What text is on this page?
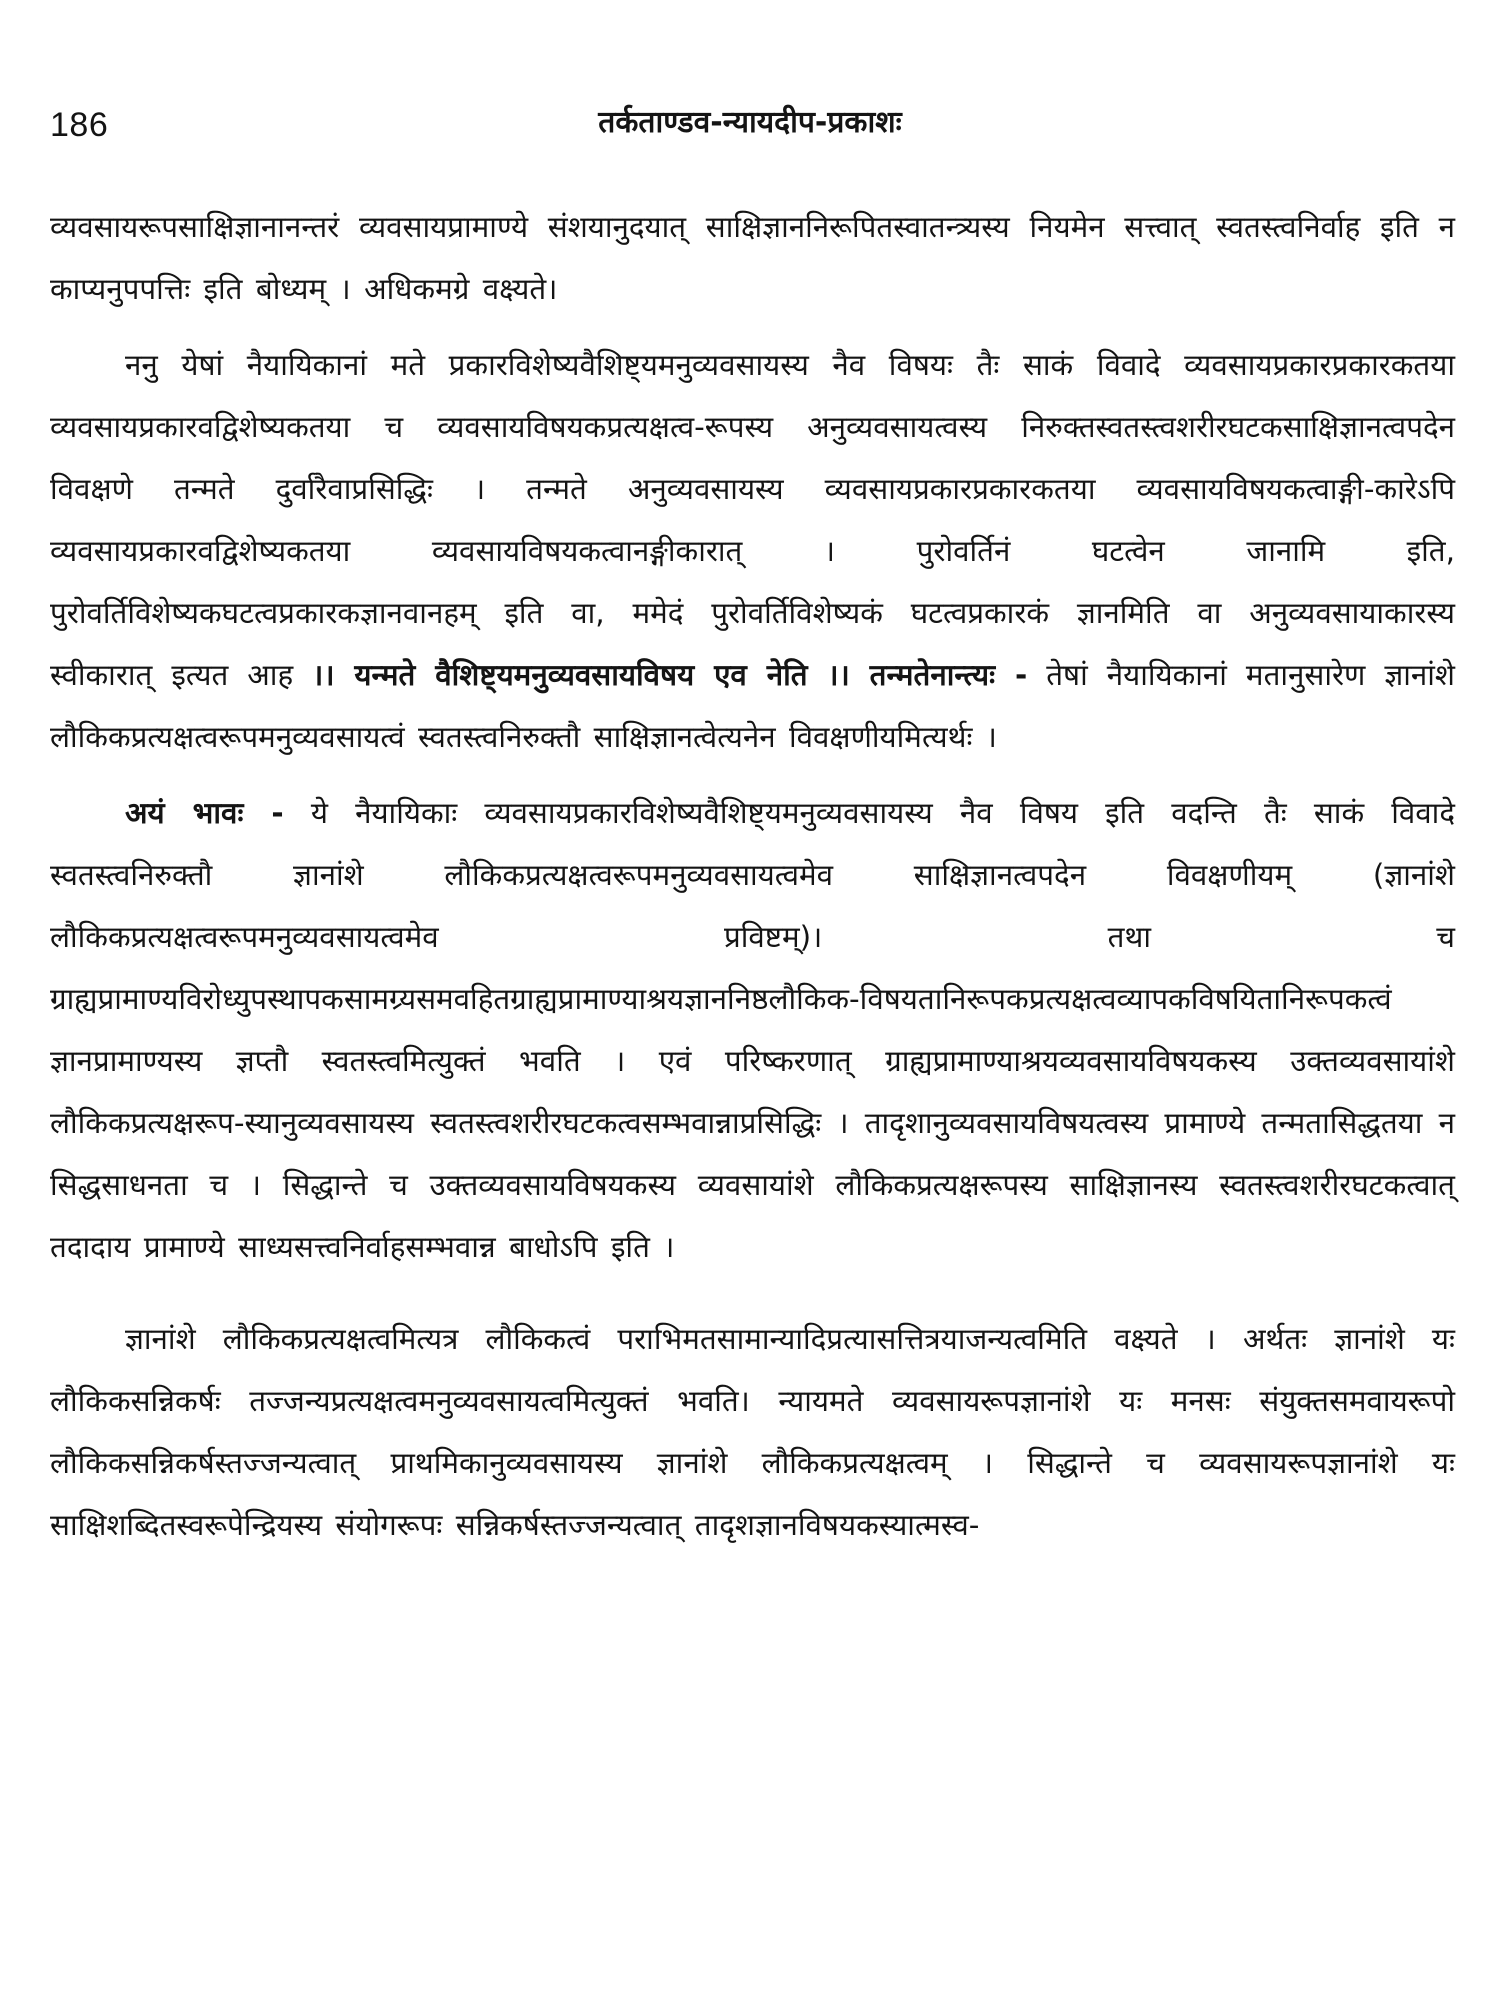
186	तर्कताण्डव-न्यायदीप-प्रकाशः

व्यवसायरूपसाक्षिज्ञानानन्तरं व्यवसायप्रामाण्ये संशयानुदयात् साक्षिज्ञाननिरूपितस्वातन्त्र्यस्य नियमेन सत्त्वात् स्वतस्त्वनिर्वाह इति न काप्यनुपपत्तिः इति बोध्यम् । अधिकमग्रे वक्ष्यते।

ननु येषां नैयायिकानां मते प्रकारविशेष्यवैशिष्ट्यमनुव्यवसायस्य नैव विषयः तैः साकं विवादे व्यवसायप्रकारप्रकारकतया व्यवसायप्रकारवद्विशेष्यकतया च व्यवसायविषयकप्रत्यक्षत्व-रूपस्य अनुव्यवसायत्वस्य निरुक्तस्वतस्त्वशरीरघटकसाक्षिज्ञानत्वपदेन विवक्षणे तन्मते दुर्वारैवाप्रसिद्धिः । तन्मते अनुव्यवसायस्य व्यवसायप्रकारप्रकारकतया व्यवसायविषयकत्वाङ्गी-कारेऽपि व्यवसायप्रकारवद्विशेष्यकतया व्यवसायविषयकत्वानङ्गीकारात् । पुरोवर्तिनं घटत्वेन जानामि इति, पुरोवर्तिविशेष्यकघटत्वप्रकारकज्ञानवानहम् इति वा, ममेदं पुरोवर्तिविशेष्यकं घटत्वप्रकारकं ज्ञानमिति वा अनुव्यवसायाकारस्य स्वीकारात् इत्यत आह ।। यन्मते वैशिष्ट्यमनुव्यवसायविषय एव नेति ।। तन्मतेनान्त्यः - तेषां नैयायिकानां मतानुसारेण ज्ञानांशे लौकिकप्रत्यक्षत्वरूपमनुव्यवसायत्वं स्वतस्त्वनिरुक्तौ साक्षिज्ञानत्वेत्यनेन विवक्षणीयमित्यर्थः ।

अयं भावः - ये नैयायिकाः व्यवसायप्रकारविशेष्यवैशिष्ट्यमनुव्यवसायस्य नैव विषय इति वदन्ति तैः साकं विवादे स्वतस्त्वनिरुक्तौ ज्ञानांशे लौकिकप्रत्यक्षत्वरूपमनुव्यवसायत्वमेव साक्षिज्ञानत्वपदेन विवक्षणीयम् (ज्ञानांशे लौकिकप्रत्यक्षत्वरूपमनुव्यवसायत्वमेव प्रविष्टम्)। तथा च ग्राह्यप्रामाण्यविरोध्युपस्थापकसामग्र्यसमवहितग्राह्यप्रामाण्याश्रयज्ञाननिष्ठलौकिक-विषयतानिरूपकप्रत्यक्षत्वव्यापकविषयितानिरूपकत्वं ज्ञानप्रामाण्यस्य ज्ञप्तौ स्वतस्त्वमित्युक्तं भवति । एवं परिष्करणात् ग्राह्यप्रामाण्याश्रयव्यवसायविषयकस्य उक्तव्यवसायांशे लौकिकप्रत्यक्षरूप-स्यानुव्यवसायस्य स्वतस्त्वशरीरघटकत्वसम्भवान्नाप्रसिद्धिः । तादृशानुव्यवसायविषयत्वस्य प्रामाण्ये तन्मतासिद्धतया न सिद्धसाधनता च । सिद्धान्ते च उक्तव्यवसायविषयकस्य व्यवसायांशे लौकिकप्रत्यक्षरूपस्य साक्षिज्ञानस्य स्वतस्त्वशरीरघटकत्वात् तदादाय प्रामाण्ये साध्यसत्त्वनिर्वाहसम्भवान्न बाधोऽपि इति ।

ज्ञानांशे लौकिकप्रत्यक्षत्वमित्यत्र लौकिकत्वं पराभिमतसामान्यादिप्रत्यासत्तित्रयाजन्यत्वमिति वक्ष्यते । अर्थतः ज्ञानांशे यः लौकिकसन्निकर्षः तज्जन्यप्रत्यक्षत्वमनुव्यवसायत्वमित्युक्तं भवति। न्यायमते व्यवसायरूपज्ञानांशे यः मनसः संयुक्तसमवायरूपो लौकिकसन्निकर्षस्तज्जन्यत्वात् प्राथमिकानुव्यवसायस्य ज्ञानांशे लौकिकप्रत्यक्षत्वम् । सिद्धान्ते च व्यवसायरूपज्ञानांशे यः साक्षिशब्दितस्वरूपेन्द्रियस्य संयोगरूपः सन्निकर्षस्तज्जन्यत्वात् तादृशज्ञानविषयकस्यात्मस्व-
